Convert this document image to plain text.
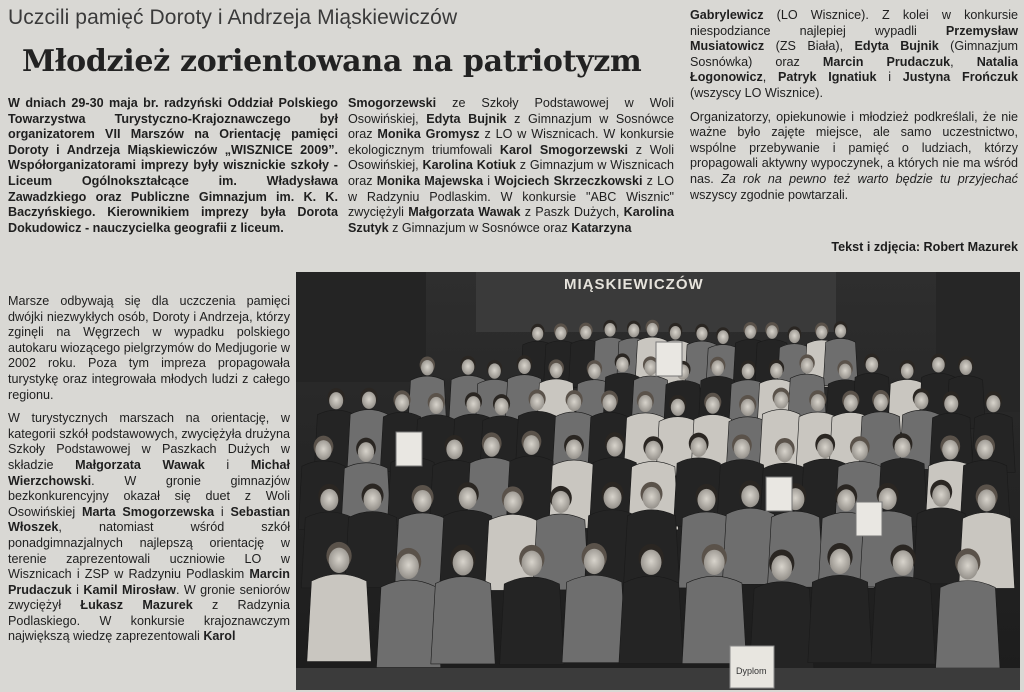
Uczcili pamięć Doroty i Andrzeja Miąskiewiczów
Młodzież zorientowana na patriotyzm

W dniach 29-30 maja br. radzyński Oddział Polskiego Towarzystwa Turystyczno-Krajoznawczego był organizatorem VII Marszów na Orientację pamięci Doroty i Andrzeja Miąskiewiczów „WISZNICE 2009”. Współorganizatorami imprezy były wisznickie szkoły - Liceum Ogólnokształcące im. Władysława Zawadzkiego oraz Publiczne Gimnazjum im. K. K. Baczyńskiego. Kierownikiem imprezy była Dorota Dokudowicz - nauczycielka geografii z liceum.

Marsze odbywają się dla uczczenia pamięci dwójki niezwykłych osób, Doroty i Andrzeja, którzy zginęli na Węgrzech w wypadku polskiego autokaru wiozącego pielgrzymów do Medjugorie w 2002 roku. Poza tym impreza propagowała turystykę oraz integrowała młodych ludzi z całego regionu.

W turystycznych marszach na orientację, w kategorii szkół podstawowych, zwyciężyła drużyna Szkoły Podstawowej w Paszkach Dużych w składzie Małgorzata Wawak i Michał Wierzchowski. W gronie gimnazjów bezkonkurencyjny okazał się duet z Woli Osowińskiej Marta Smogorzewska i Sebastian Włoszek, natomiast wśród szkół ponadgimnazjalnych najlepszą orientację w terenie zaprezentowali uczniowie LO w Wisznicach i ZSP w Radzyniu Podlaskim Marcin Prudaczuk i Kamil Mirosław. W gronie seniorów zwyciężył Łukasz Mazurek z Radzynia Podlaskiego. W konkursie krajoznawczym największą wiedzę zaprezentowali Karol

Smogorzewski ze Szkoły Podstawowej w Woli Osowińskiej, Edyta Bujnik z Gimnazjum w Sosnówce oraz Monika Gromysz z LO w Wisznicach. W konkursie ekologicznym triumfowali Karol Smogorzewski z Woli Osowińskiej, Karolina Kotiuk z Gimnazjum w Wisznicach oraz Monika Majewska i Wojciech Skrzeczkowski z LO w Radzyniu Podlaskim. W konkursie "ABC Wisznic" zwyciężyli Małgorzata Wawak z Paszk Dużych, Karolina Szutyk z Gimnazjum w Sosnówce oraz Katarzyna

Gabrylewicz (LO Wisznice). Z kolei w konkursie niespodziance najlepiej wypadli Przemysław Musiatowicz (ZS Biała), Edyta Bujnik (Gimnazjum Sosnówka) oraz Marcin Prudaczuk, Natalia Łogonowicz, Patryk Ignatiuk i Justyna Frończuk (wszyscy LO Wisznice).

Organizatorzy, opiekunowie i młodzież podkreślali, że nie ważne było zajęte miejsce, ale samo uczestnictwo, wspólne przebywanie i pamięć o ludziach, którzy propagowali aktywny wypoczynek, a których nie ma wśród nas. Za rok na pewno też warto będzie tu przyjechać wszyscy zgodnie powtarzali.

Tekst i zdjęcia: Robert Mazurek
MIĄSKIEWICZÓW
Dyplom
